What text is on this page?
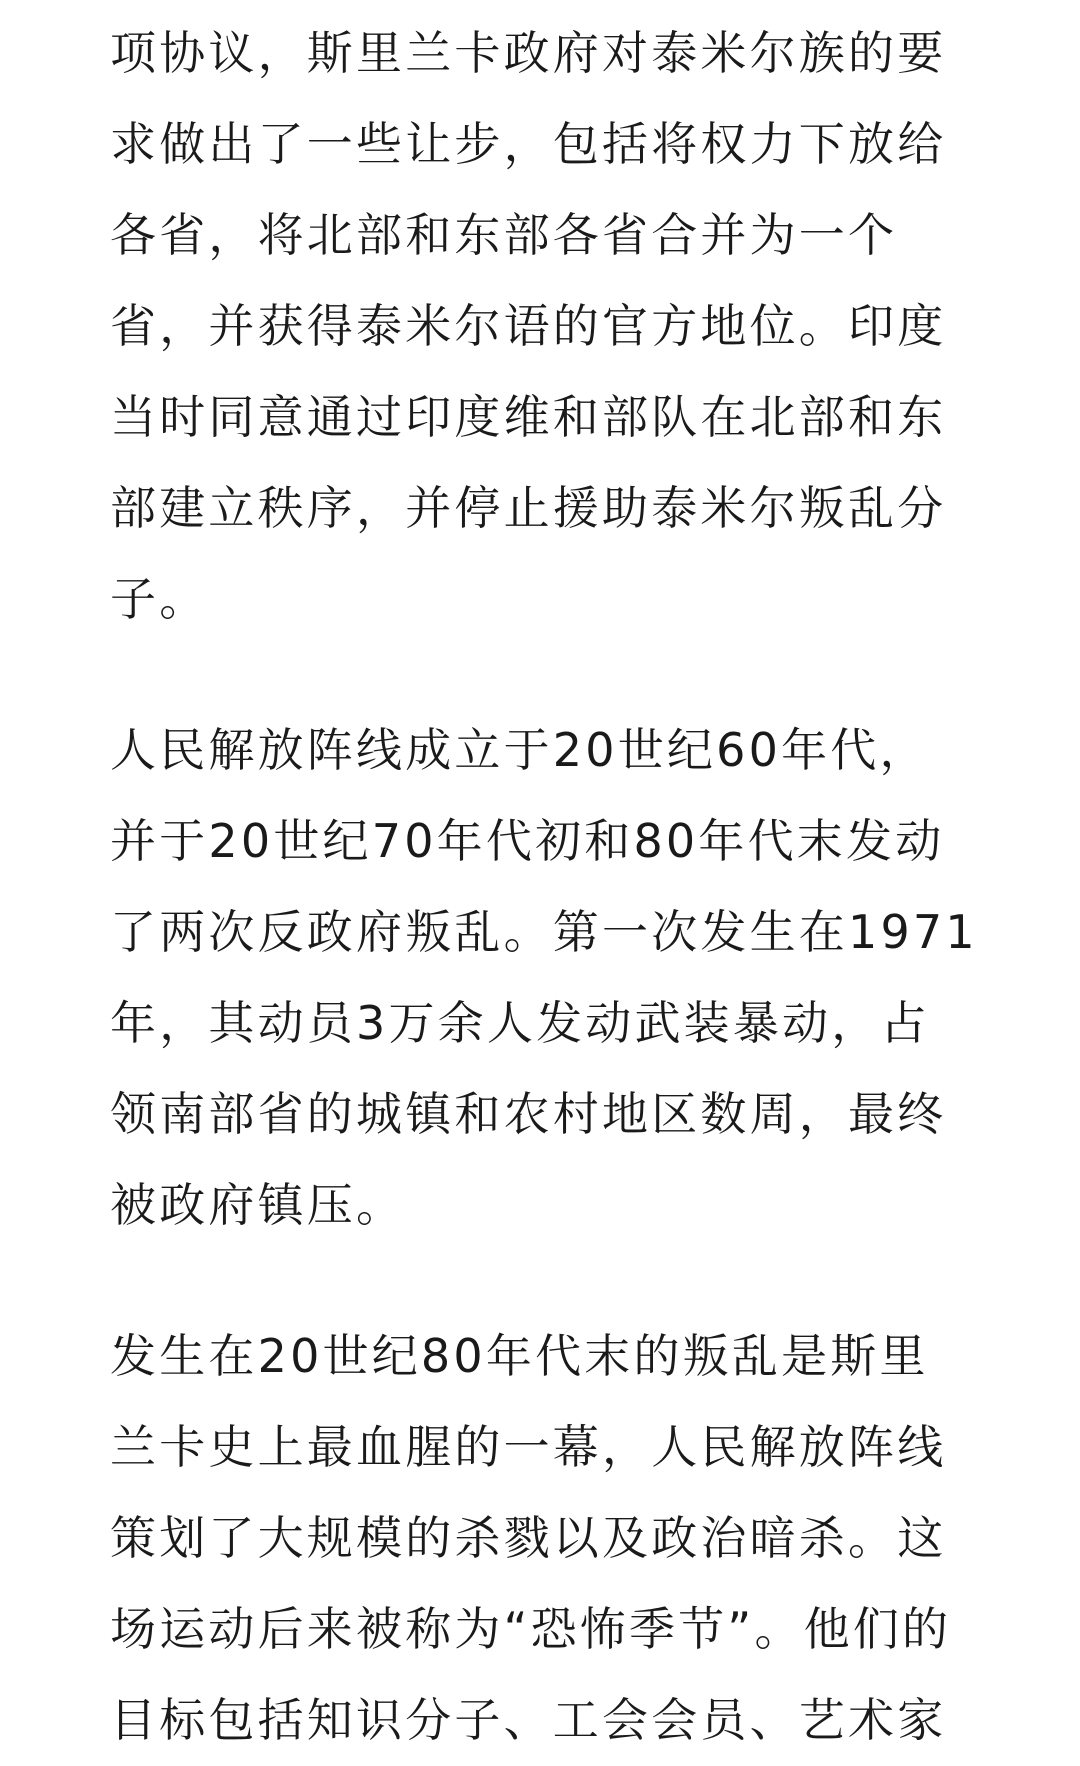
项协议，斯里兰卡政府对泰米尔族的要
求做出了一些让步，包括将权力下放给
各省，将北部和东部各省合并为一个
省，并获得泰米尔语的官方地位。印度
当时同意通过印度维和部队在北部和东
部建立秩序，并停止援助泰米尔叛乱分
子。
人民解放阵线成立于20世纪60年代，
并于20世纪70年代初和80年代末发动
了两次反政府叛乱。第一次发生在1971
年，其动员3万余人发动武装暴动，占
领南部省的城镇和农村地区数周，最终
被政府镇压。
发生在20世纪80年代末的叛乱是斯里
兰卡史上最血腥的一幕，人民解放阵线
策划了大规模的杀戮以及政治暗杀。这
场运动后来被称为“恐怖季节”。他们的
目标包括知识分子、工会会员、艺术家
